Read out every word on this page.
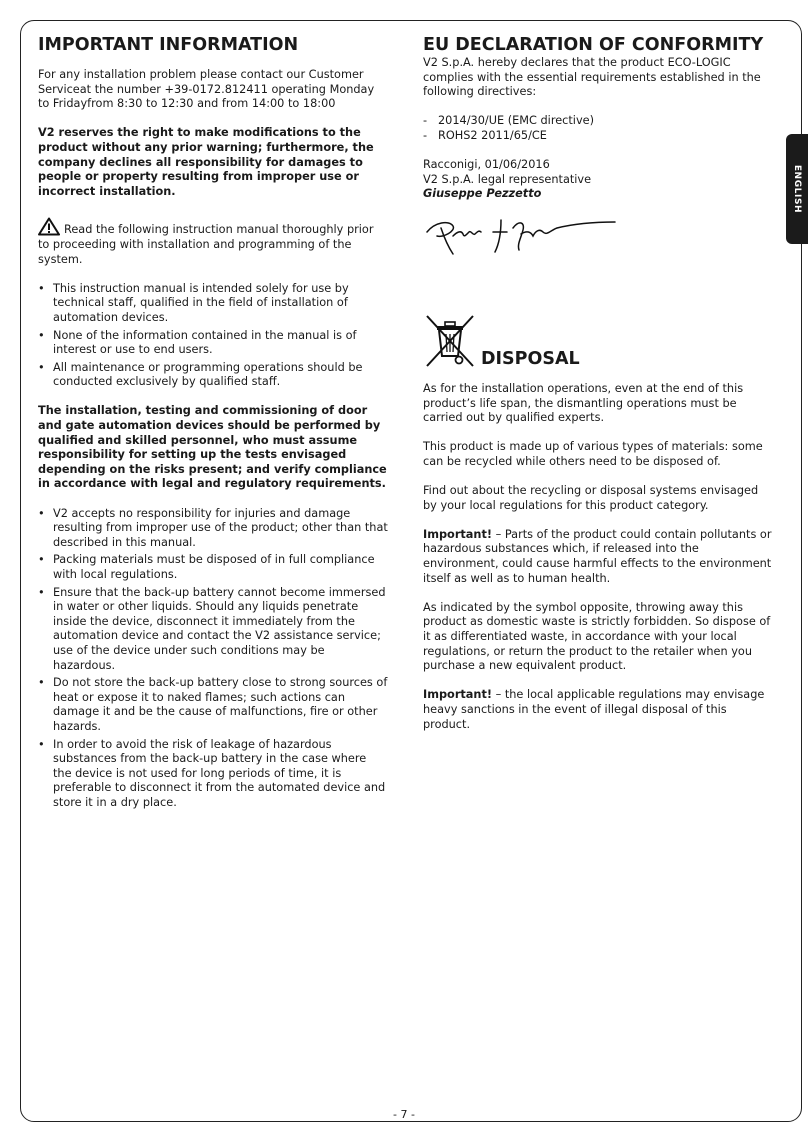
ENGLISH
IMPORTANT INFORMATION

For any installation problem please contact our Customer Serviceat the number +39-0172.812411 operating Monday to Fridayfrom 8:30 to 12:30 and from 14:00 to 18:00

V2 reserves the right to make modifications to the product without any prior warning; furthermore, the company declines all responsibility for damages to people or property resulting from improper use or incorrect installation.

Read the following instruction manual thoroughly prior to proceeding with installation and programming of the system.
• This instruction manual is intended solely for use by technical staff, qualified in the field of installation of automation devices.
• None of the information contained in the manual is of interest or use to end users.
• All maintenance or programming operations should be conducted exclusively by qualified staff.

The installation, testing and commissioning of door and gate automation devices should be performed by qualified and skilled personnel, who must assume responsibility for setting up the tests envisaged depending on the risks present; and verify compliance in accordance with legal and regulatory requirements.

• V2 accepts no responsibility for injuries and damage resulting from improper use of the product; other than that described in this manual.
• Packing materials must be disposed of in full compliance with local regulations.
• Ensure that the back-up battery cannot become immersed in water or other liquids. Should any liquids penetrate inside the device, disconnect it immediately from the automation device and contact the V2 assistance service; use of the device under such conditions may be hazardous.
• Do not store the back-up battery close to strong sources of heat or expose it to naked flames; such actions can damage it and be the cause of malfunctions, fire or other hazards.
• In order to avoid the risk of leakage of hazardous substances from the back-up battery in the case where the device is not used for long periods of time, it is preferable to disconnect it from the automated device and store it in a dry place.
EU DECLARATION OF CONFORMITY

V2 S.p.A. hereby declares that the product ECO-LOGIC complies with the essential requirements established in the following directives:

- 2014/30/UE (EMC directive)
- ROHS2 2011/65/CE
Racconigi, 01/06/2016
V2 S.p.A. legal representative
Giuseppe Pezzetto
DISPOSAL

As for the installation operations, even at the end of this product’s life span, the dismantling operations must be carried out by qualified experts.

This product is made up of various types of materials: some can be recycled while others need to be disposed of.

Find out about the recycling or disposal systems envisaged by your local regulations for this product category.

Important! – Parts of the product could contain pollutants or hazardous substances which, if released into the environment, could cause harmful effects to the environment itself as well as to human health.

As indicated by the symbol opposite, throwing away this product as domestic waste is strictly forbidden. So dispose of it as differentiated waste, in accordance with your local regulations, or return the product to the retailer when you purchase a new equivalent product.

Important! – the local applicable regulations may envisage heavy sanctions in the event of illegal disposal of this product.

- 7 -
